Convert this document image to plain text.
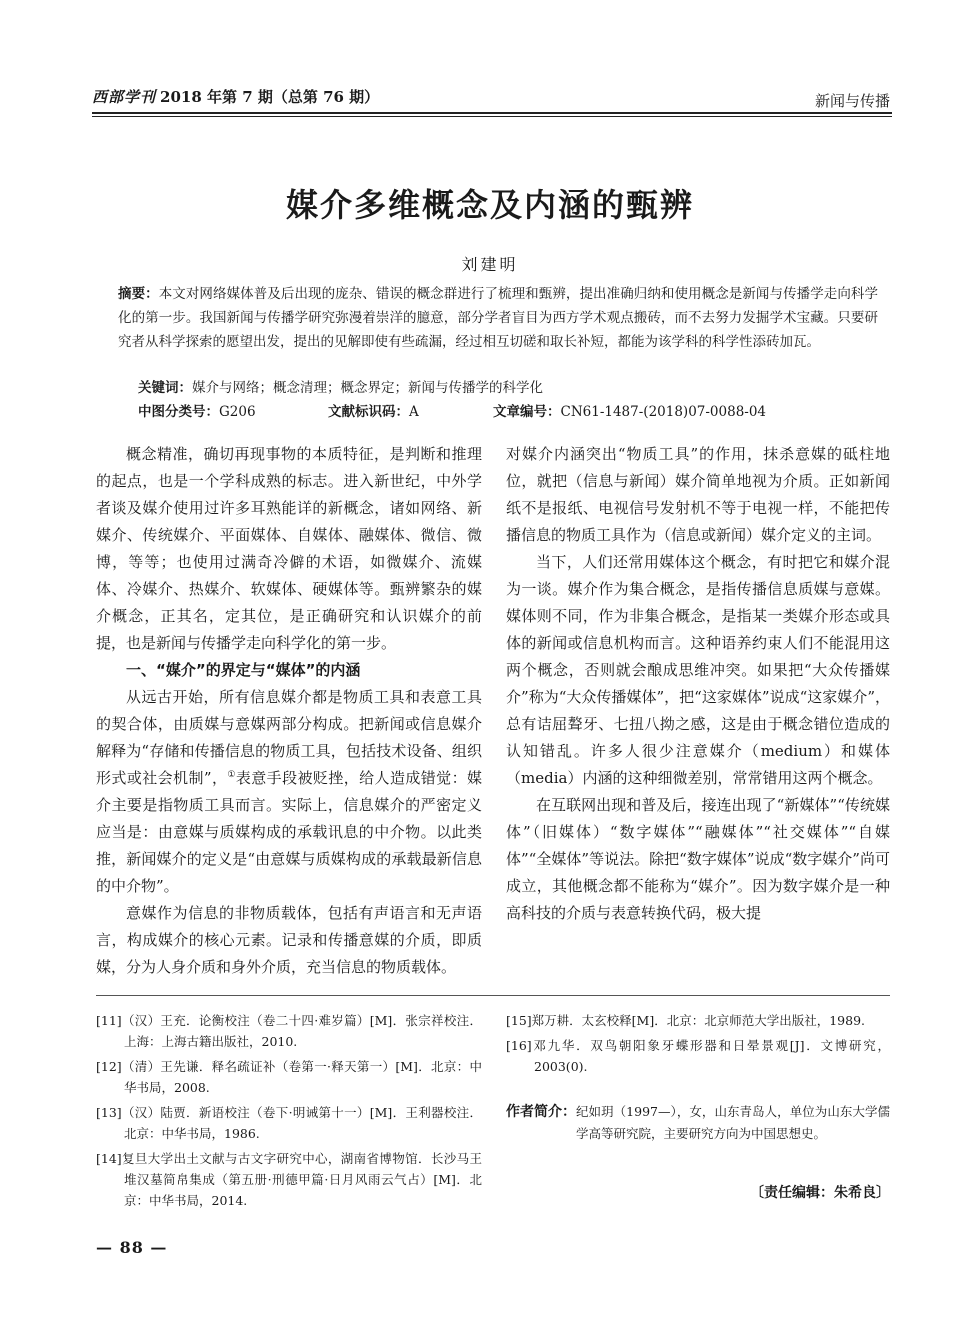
西部学刊 2018 年第 7 期（总第 76 期）	新闻与传播
媒介多维概念及内涵的甄辨
刘建明
摘要：本文对网络媒体普及后出现的庞杂、错误的概念群进行了梳理和甄辨，提出准确归纳和使用概念是新闻与传播学走向科学化的第一步。我国新闻与传播学研究弥漫着崇洋的臆意，部分学者盲目为西方学术观点搬砖，而不去努力发掘学术宝藏。只要研究者从科学探索的愿望出发，提出的见解即使有些疏漏，经过相互切磋和取长补短，都能为该学科的科学性添砖加瓦。
关键词：媒介与网络；概念清理；概念界定；新闻与传播学的科学化
中图分类号：G206	文献标识码：A	文章编号：CN61-1487-(2018)07-0088-04

概念精准，确切再现事物的本质特征，是判断和推理的起点，也是一个学科成熟的标志。进入新世纪，中外学者谈及媒介使用过许多耳熟能详的新概念，诸如网络、新媒介、传统媒介、平面媒体、自媒体、融媒体、微信、微博，等等；也使用过满奇冷僻的术语，如微媒介、流媒体、冷媒介、热媒介、软媒体、硬媒体等。甄辨繁杂的媒介概念，正其名，定其位，是正确研究和认识媒介的前提，也是新闻与传播学走向科学化的第一步。

一、“媒介”的界定与“媒体”的内涵

从远古开始，所有信息媒介都是物质工具和表意工具的契合体，由质媒与意媒两部分构成。把新闻或信息媒介解释为“存储和传播信息的物质工具，包括技术设备、组织形式或社会机制”，①表意手段被贬挫，给人造成错觉：媒介主要是指物质工具而言。实际上，信息媒介的严密定义应当是：由意媒与质媒构成的承载讯息的中介物。以此类推，新闻媒介的定义是“由意媒与质媒构成的承载最新信息的中介物”。

意媒作为信息的非物质载体，包括有声语言和无声语言，构成媒介的核心元素。记录和传播意媒的介质，即质媒，分为人身介质和身外介质，充当信息的物质载体。

对媒介内涵突出“物质工具”的作用，抹杀意媒的砥柱地位，就把（信息与新闻）媒介简单地视为介质。正如新闻纸不是报纸、电视信号发射机不等于电视一样，不能把传播信息的物质工具作为（信息或新闻）媒介定义的主词。

当下，人们还常用媒体这个概念，有时把它和媒介混为一谈。媒介作为集合概念，是指传播信息质媒与意媒。媒体则不同，作为非集合概念，是指某一类媒介形态或具体的新闻或信息机构而言。这种语养约束人们不能混用这两个概念，否则就会酿成思维冲突。如果把“大众传播媒介”称为“大众传播媒体”，把“这家媒体”说成“这家媒介”，总有诘屈聱牙、七扭八拗之感，这是由于概念错位造成的认知错乱。许多人很少注意媒介（medium）和媒体（media）内涵的这种细微差别，常常错用这两个概念。

在互联网出现和普及后，接连出现了“新媒体”“传统媒体”（旧媒体）“数字媒体”“融媒体”“社交媒体”“自媒体”“全媒体”等说法。除把“数字媒体”说成“数字媒介”尚可成立，其他概念都不能称为“媒介”。因为数字媒介是一种高科技的介质与表意转换代码，极大提

[11]（汉）王充．论衡校注（卷二十四·难岁篇）[M]．张宗祥校注．上海：上海古籍出版社，2010.
[12]（清）王先谦．释名疏证补（卷第一·释天第一）[M]．北京：中华书局，2008.
[13]（汉）陆贾．新语校注（卷下·明诫第十一）[M]．王利器校注．北京：中华书局，1986.
[14]复旦大学出土文献与古文字研究中心，湖南省博物馆．长沙马王堆汉墓简帛集成（第五册·刑德甲篇·日月风雨云气占）[M]．北京：中华书局，2014.
[15]郑万耕．太玄校释[M]．北京：北京师范大学出版社，1989.
[16]邓九华．双鸟朝阳象牙蝶形器和日晕景观[J]．文博研究，2003(0).
作者简介： 纪如玥（1997—），女，山东青岛人，单位为山东大学儒学高等研究院，主要研究方向为中国思想史。
〔责任编辑：朱希良〕
— 88 —
